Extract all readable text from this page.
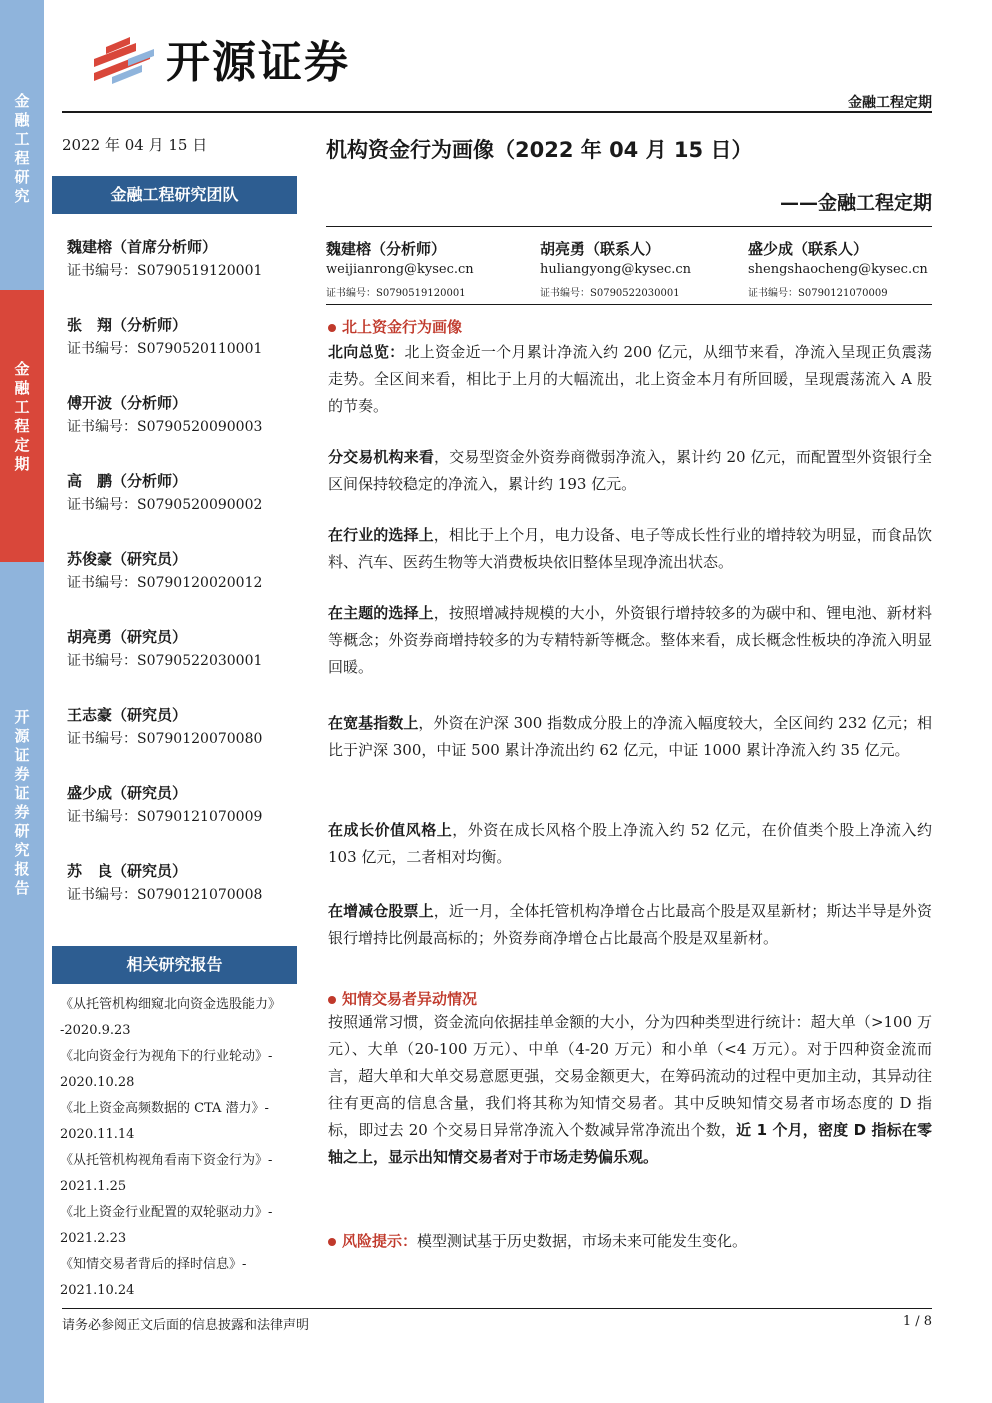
金融工程研究
金融工程定期
开源证券 证券研究报告
开源证券
金融工程定期
2022 年 04 月 15 日
金融工程研究团队
魏建榕（首席分析师）
证书编号：S0790519120001
张　翔（分析师）
证书编号：S0790520110001
傅开波（分析师）
证书编号：S0790520090003
高　鹏（分析师）
证书编号：S0790520090002
苏俊豪（研究员）
证书编号：S0790120020012
胡亮勇（研究员）
证书编号：S0790522030001
王志豪（研究员）
证书编号：S0790120070080
盛少成（研究员）
证书编号：S0790121070009
苏　良（研究员）
证书编号：S0790121070008
相关研究报告
《从托管机构细窥北向资金选股能力》
-2020.9.23
《北向资金行为视角下的行业轮动》-
2020.10.28
《北上资金高频数据的 CTA 潜力》-
2020.11.14
《从托管机构视角看南下资金行为》-
2021.1.25
《北上资金行业配置的双轮驱动力》-
2021.2.23
《知情交易者背后的择时信息》-
2021.10.24
机构资金行为画像（2022 年 04 月 15 日）
——金融工程定期
魏建榕（分析师）
weijianrong@kysec.cn
证书编号：S0790519120001
胡亮勇（联系人）
huliangyong@kysec.cn
证书编号：S0790522030001
盛少成（联系人）
shengshaocheng@kysec.cn
证书编号：S0790121070009
北上资金行为画像
北向总览：北上资金近一个月累计净流入约 200 亿元，从细节来看，净流入呈现正负震荡走势。全区间来看，相比于上月的大幅流出，北上资金本月有所回暖，呈现震荡流入 A 股的节奏。
分交易机构来看，交易型资金外资券商微弱净流入，累计约 20 亿元，而配置型外资银行全区间保持较稳定的净流入，累计约 193 亿元。
在行业的选择上，相比于上个月，电力设备、电子等成长性行业的增持较为明显，而食品饮料、汽车、医药生物等大消费板块依旧整体呈现净流出状态。
在主题的选择上，按照增减持规模的大小，外资银行增持较多的为碳中和、锂电池、新材料等概念；外资券商增持较多的为专精特新等概念。整体来看，成长概念性板块的净流入明显回暖。
在宽基指数上，外资在沪深 300 指数成分股上的净流入幅度较大，全区间约 232 亿元；相比于沪深 300，中证 500 累计净流出约 62 亿元，中证 1000 累计净流入约 35 亿元。
在成长价值风格上，外资在成长风格个股上净流入约 52 亿元，在价值类个股上净流入约 103 亿元，二者相对均衡。
在增减仓股票上，近一月，全体托管机构净增仓占比最高个股是双星新材；斯达半导是外资银行增持比例最高标的；外资券商净增仓占比最高个股是双星新材。
知情交易者异动情况
按照通常习惯，资金流向依据挂单金额的大小，分为四种类型进行统计：超大单（>100 万元）、大单（20-100 万元）、中单（4-20 万元）和小单（<4 万元）。对于四种资金流而言，超大单和大单交易意愿更强，交易金额更大，在筹码流动的过程中更加主动，其异动往往有更高的信息含量，我们将其称为知情交易者。其中反映知情交易者市场态度的 D 指标，即过去 20 个交易日异常净流入个数减异常净流出个数，近 1 个月，密度 D 指标在零轴之上，显示出知情交易者对于市场走势偏乐观。
风险提示：模型测试基于历史数据，市场未来可能发生变化。
请务必参阅正文后面的信息披露和法律声明	1 / 8
